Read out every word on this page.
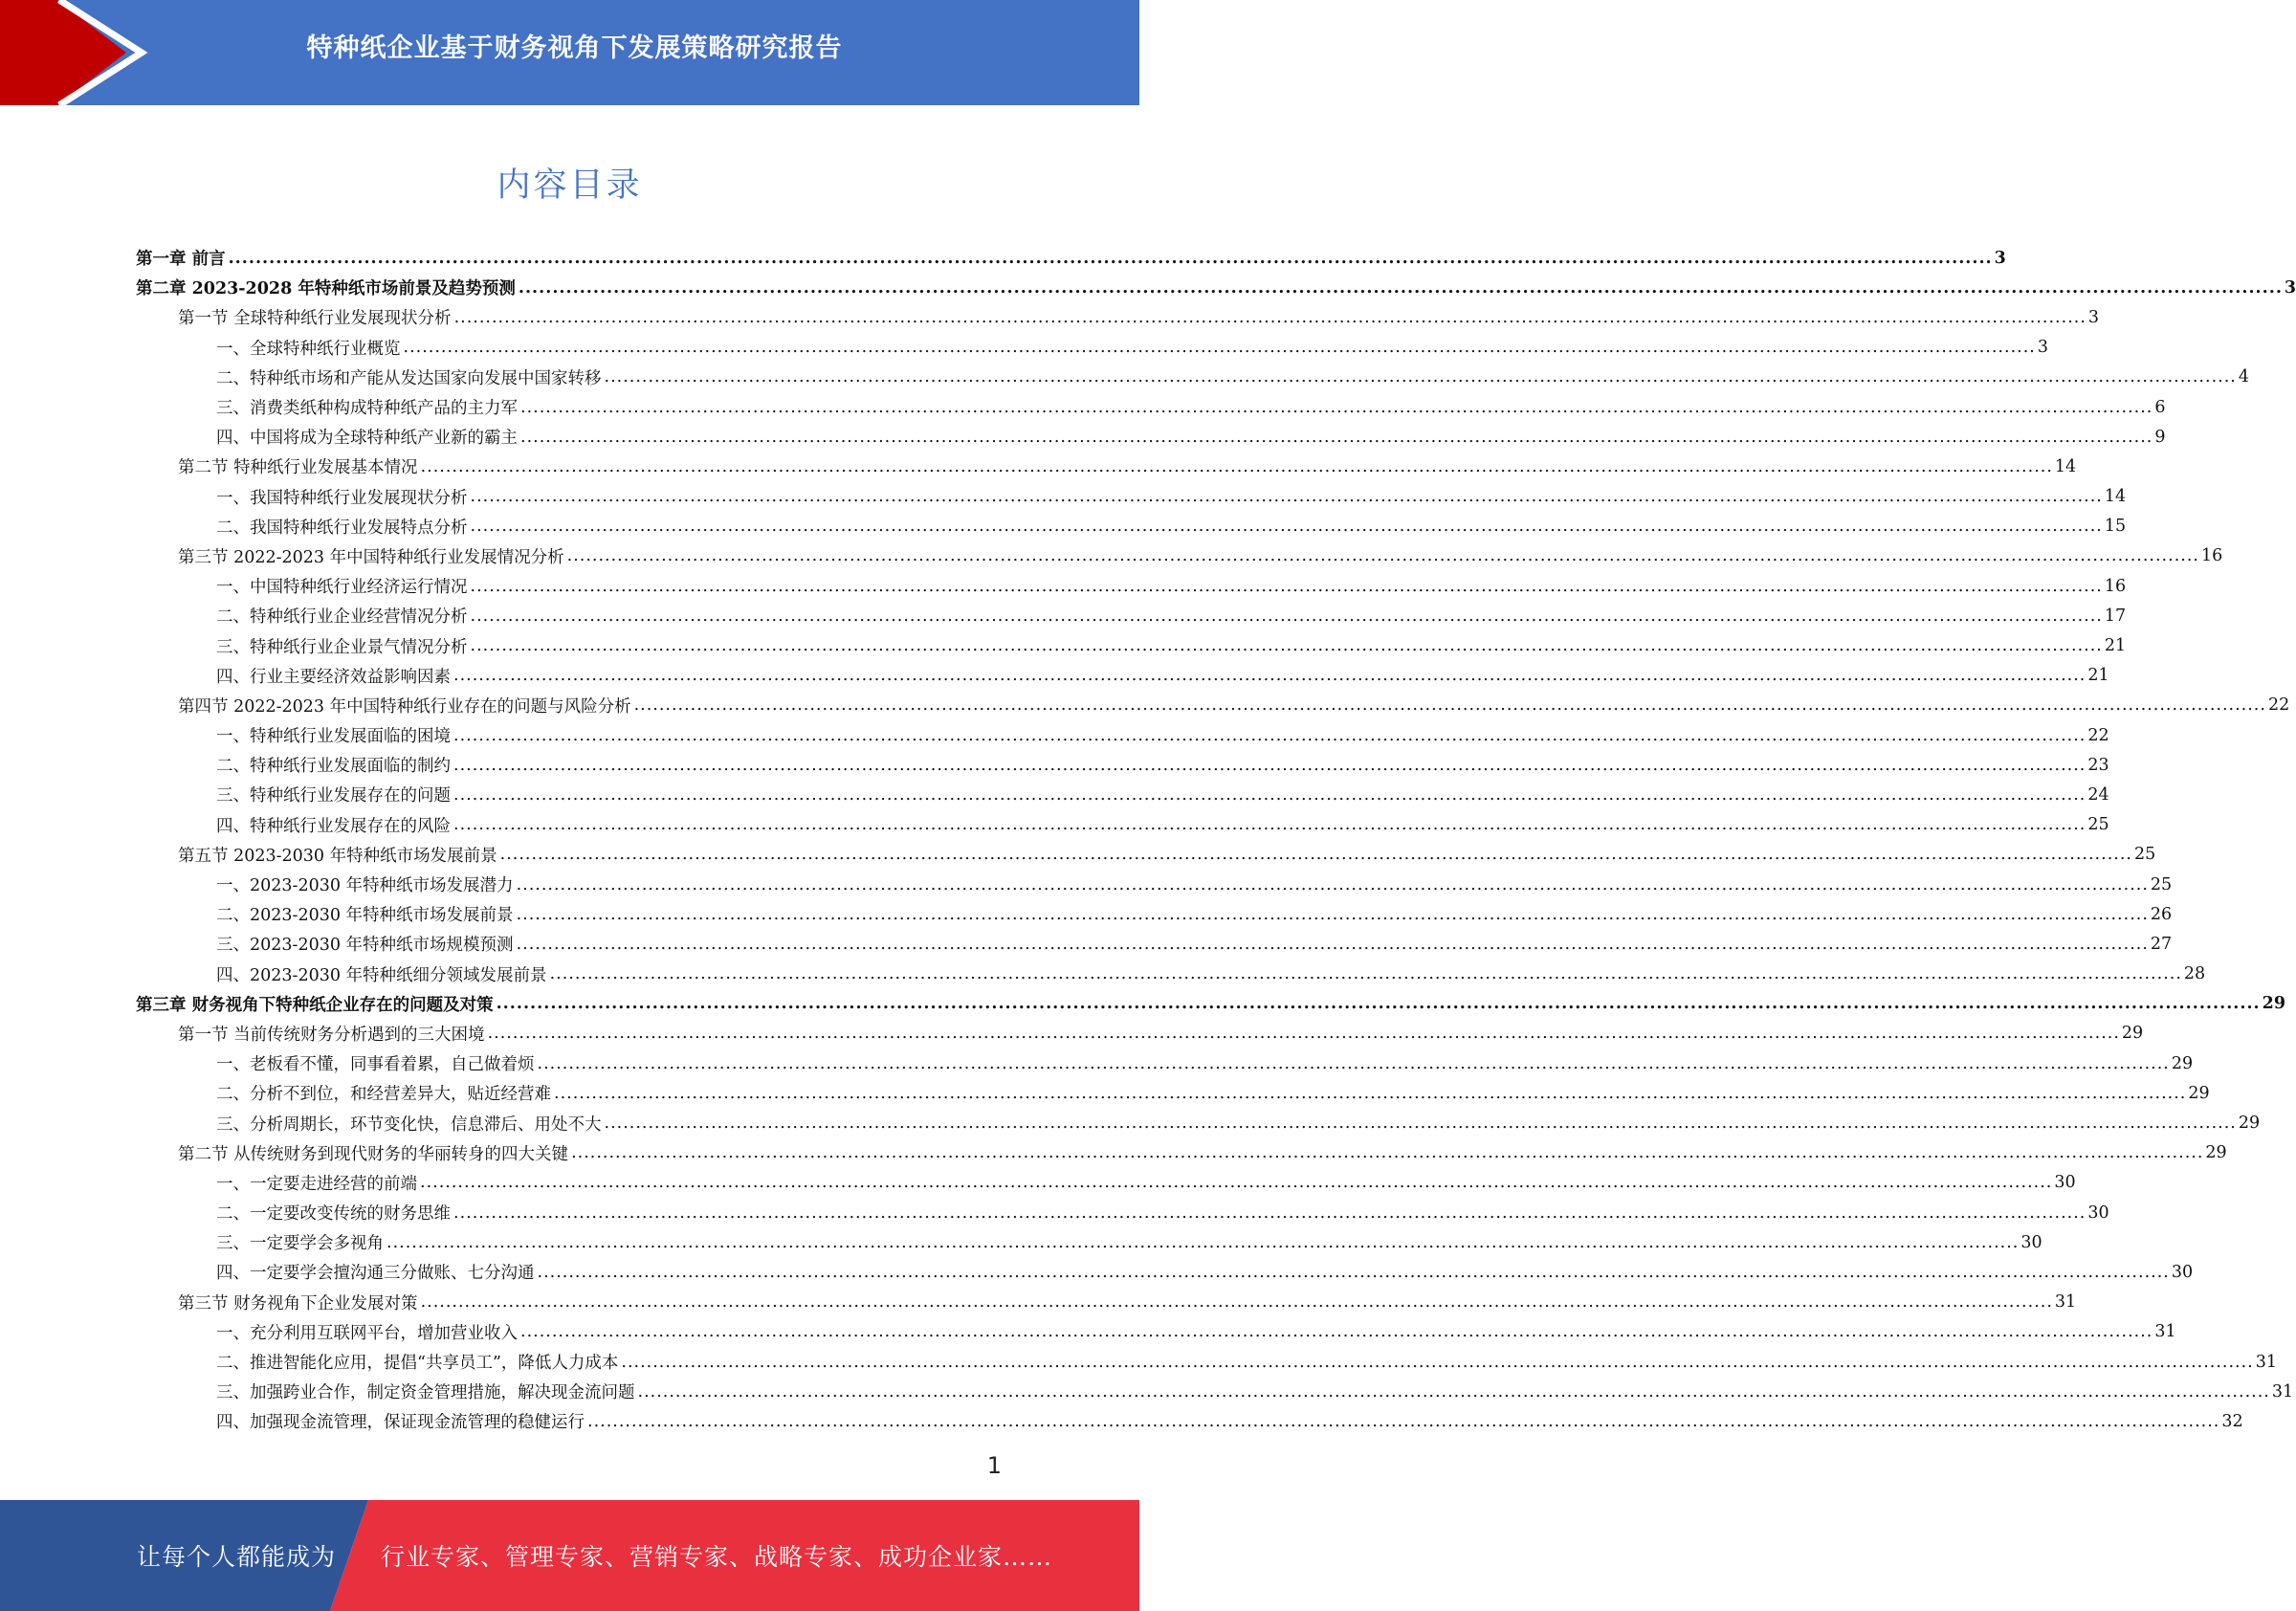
特种纸企业基于财务视角下发展策略研究报告
内容目录
第一章 前言 .................................................................................................................................................................................................................................................................... 3
第二章 2023-2028 年特种纸市场前景及趋势预测 .................................................................................................................................................................................................................................................................... 3
第一节 全球特种纸行业发展现状分析 .................................................................................................................................................................................................................................................................... 3
一、全球特种纸行业概览 .................................................................................................................................................................................................................................................................... 3
二、特种纸市场和产能从发达国家向发展中国家转移 .................................................................................................................................................................................................................................................................... 4
三、消费类纸种构成特种纸产品的主力军 .................................................................................................................................................................................................................................................................... 6
四、中国将成为全球特种纸产业新的霸主 .................................................................................................................................................................................................................................................................... 9
第二节 特种纸行业发展基本情况 .................................................................................................................................................................................................................................................................... 14
一、我国特种纸行业发展现状分析 .................................................................................................................................................................................................................................................................... 14
二、我国特种纸行业发展特点分析 .................................................................................................................................................................................................................................................................... 15
第三节 2022-2023 年中国特种纸行业发展情况分析 .................................................................................................................................................................................................................................................................... 16
一、中国特种纸行业经济运行情况 .................................................................................................................................................................................................................................................................... 16
二、特种纸行业企业经营情况分析 .................................................................................................................................................................................................................................................................... 17
三、特种纸行业企业景气情况分析 .................................................................................................................................................................................................................................................................... 21
四、行业主要经济效益影响因素 .................................................................................................................................................................................................................................................................... 21
第四节 2022-2023 年中国特种纸行业存在的问题与风险分析 .................................................................................................................................................................................................................................................................... 22
一、特种纸行业发展面临的困境 .................................................................................................................................................................................................................................................................... 22
二、特种纸行业发展面临的制约 .................................................................................................................................................................................................................................................................... 23
三、特种纸行业发展存在的问题 .................................................................................................................................................................................................................................................................... 24
四、特种纸行业发展存在的风险 .................................................................................................................................................................................................................................................................... 25
第五节 2023-2030 年特种纸市场发展前景 .................................................................................................................................................................................................................................................................... 25
一、2023-2030 年特种纸市场发展潜力 .................................................................................................................................................................................................................................................................... 25
二、2023-2030 年特种纸市场发展前景 .................................................................................................................................................................................................................................................................... 26
三、2023-2030 年特种纸市场规模预测 .................................................................................................................................................................................................................................................................... 27
四、2023-2030 年特种纸细分领域发展前景 .................................................................................................................................................................................................................................................................... 28
第三章 财务视角下特种纸企业存在的问题及对策 .................................................................................................................................................................................................................................................................... 29
第一节 当前传统财务分析遇到的三大困境 .................................................................................................................................................................................................................................................................... 29
一、老板看不懂，同事看着累，自己做着烦 .................................................................................................................................................................................................................................................................... 29
二、分析不到位，和经营差异大，贴近经营难 .................................................................................................................................................................................................................................................................... 29
三、分析周期长，环节变化快，信息滞后、用处不大 .................................................................................................................................................................................................................................................................... 29
第二节 从传统财务到现代财务的华丽转身的四大关键 .................................................................................................................................................................................................................................................................... 29
一、一定要走进经营的前端 .................................................................................................................................................................................................................................................................... 30
二、一定要改变传统的财务思维 .................................................................................................................................................................................................................................................................... 30
三、一定要学会多视角 .................................................................................................................................................................................................................................................................... 30
四、一定要学会擅沟通三分做账、七分沟通 .................................................................................................................................................................................................................................................................... 30
第三节 财务视角下企业发展对策 .................................................................................................................................................................................................................................................................... 31
一、充分利用互联网平台，增加营业收入 .................................................................................................................................................................................................................................................................... 31
二、推进智能化应用，提倡“共享员工”，降低人力成本 .................................................................................................................................................................................................................................................................... 31
三、加强跨业合作，制定资金管理措施，解决现金流问题 .................................................................................................................................................................................................................................................................... 31
四、加强现金流管理，保证现金流管理的稳健运行 .................................................................................................................................................................................................................................................................... 32
1
让每个人都能成为 行业专家、管理专家、营销专家、战略专家、成功企业家……
